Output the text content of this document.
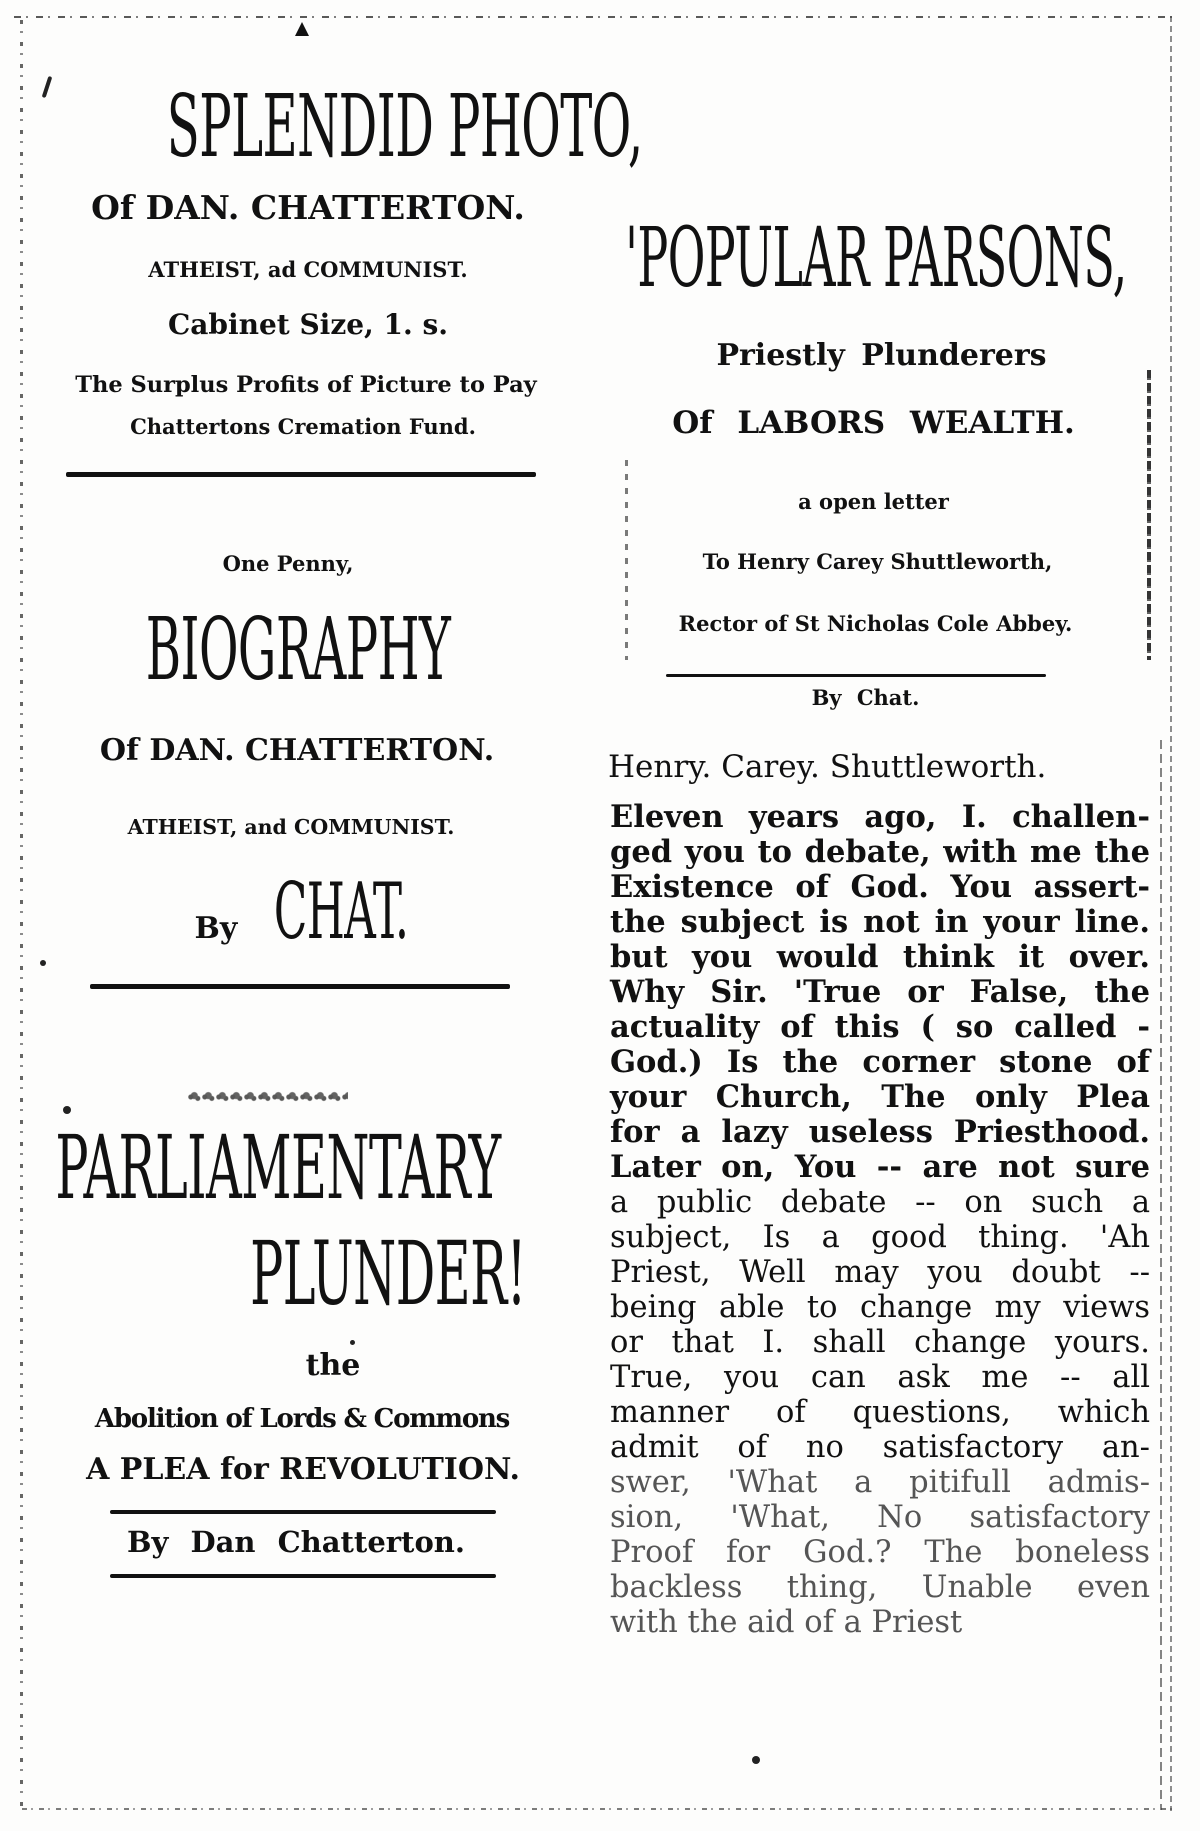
SPLENDID PHOTO,
Of DAN. CHATTERTON.
ATHEIST, ad COMMUNIST.
Cabinet Size, 1. s.
The Surplus Profits of Picture to Pay
Chattertons Cremation Fund.
One Penny,
BIOGRAPHY
Of DAN. CHATTERTON.
ATHEIST, and COMMUNIST.
By CHAT.
PARLIAMENTARY
PLUNDER!
the
Abolition of Lords & Commons
A PLEA for REVOLUTION.
By Dan Chatterton.
'POPULAR PARSONS,
Priestly Plunderers
Of LABORS WEALTH.
a open letter
To Henry Carey Shuttleworth,
Rector of St Nicholas Cole Abbey.
By Chat.
Henry. Carey. Shuttleworth.
Eleven years ago, I. challen-
ged you to debate, with me the
Existence of God. You assert-
the subject is not in your line.
but you would think it over.
Why Sir. 'True or False, the
actuality of this ( so called -
God.) Is the corner stone of
your Church, The only Plea
for a lazy useless Priesthood.
Later on, You -- are not sure
a public debate -- on such a
subject, Is a good thing. 'Ah
Priest, Well may you doubt --
being able to change my views
or that I. shall change yours.
True, you can ask me -- all
manner of questions, which
admit of no satisfactory an-
swer, 'What a pitifull admis-
sion, 'What, No satisfactory
Proof for God.? The boneless
backless thing, Unable even
with the aid of a Priest
